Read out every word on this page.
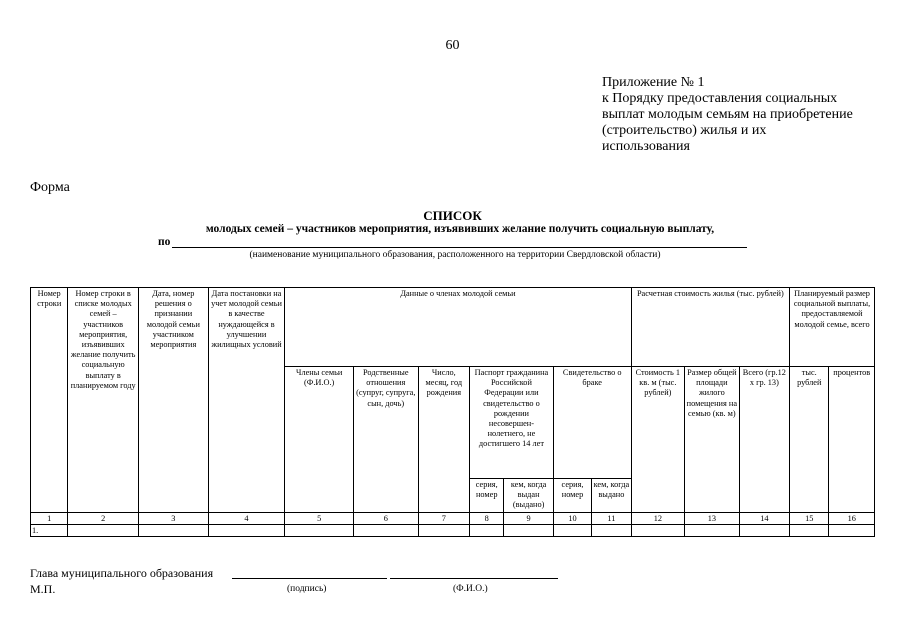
60
Приложение № 1
к Порядку предоставления социальных
выплат молодым семьям на приобретение
(строительство) жилья и их
использования
Форма
СПИСОК
молодых семей – участников мероприятия, изъявивших желание получить социальную выплату,
по
(наименование муниципального образования, расположенного на территории Свердловской области)
Номер строки	Номер строки в списке молодых семей – участников мероприятия, изъявивших желание получить социальную выплату в планируемом году	Дата, номер решения о признании молодой семьи участником мероприятия	Дата постановки на учет молодой семьи в качестве нуждающейся в улучшении жилищных условий	Данные о членах молодой семьи							Расчетная стоимость жилья (тыс. рублей)			Планируемый размер социальной выплаты, предоставляемой молодой семье, всего	
				Члены семьи (Ф.И.О.)	Родственные отношения (супруг, супруга, сын, дочь)	Число, месяц, год рождения	Паспорт гражданина Российской Федерации или свидетельство о рождении несовершен-нолетнего, не достигшего 14 лет		Свидетельство о браке		Стоимость 1 кв. м (тыс. рублей)	Размер общей площади жилого помещения на семью (кв. м)	Всего (гр.12 x гр. 13)	тыс. рублей	процентов
							серия, номер	кем, когда выдан (выдано)	серия, номер	кем, когда выдано					
1	2	3	4	5	6	7	8	9	10	11	12	13	14	15	16
1.															
Глава муниципального образования
М.П.	(подпись)	(Ф.И.О.)
